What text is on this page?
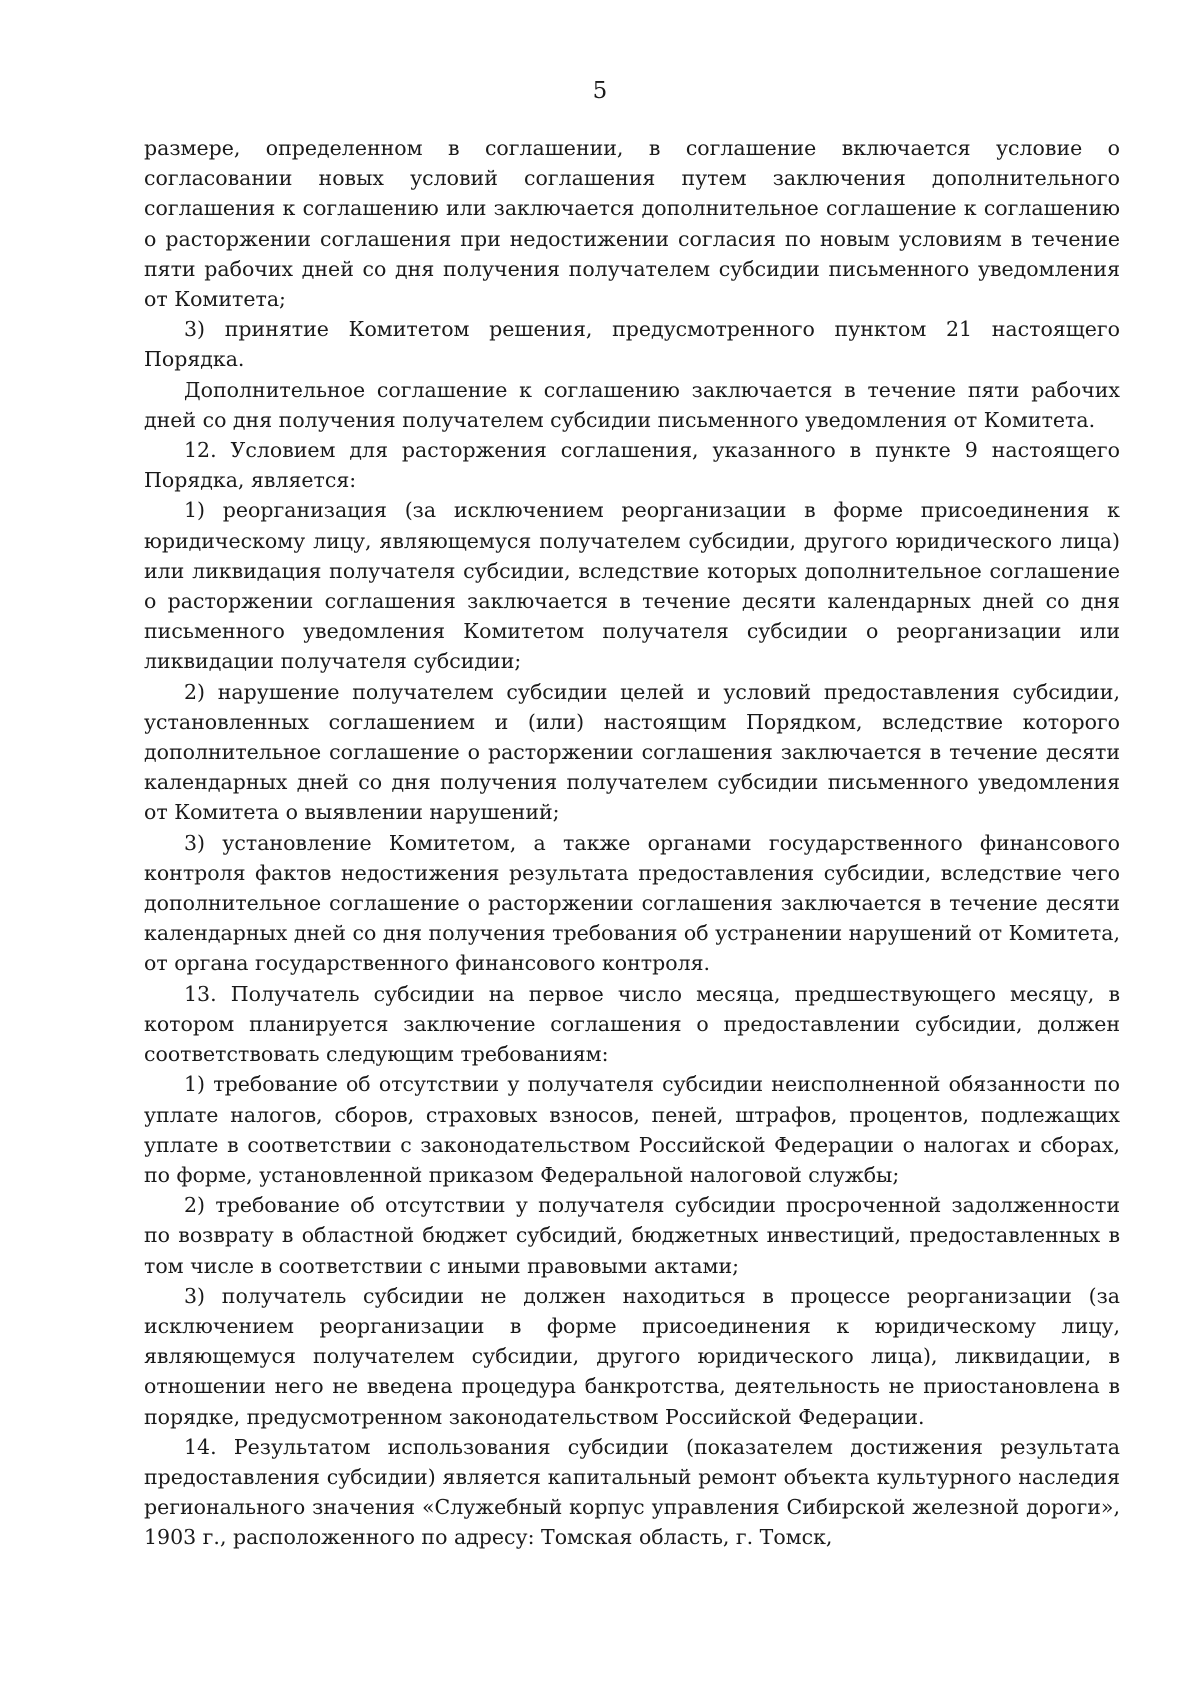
5

размере, определенном в соглашении, в соглашение включается условие о согласовании новых условий соглашения путем заключения дополнительного соглашения к соглашению или заключается дополнительное соглашение к соглашению о расторжении соглашения при недостижении согласия по новым условиям в течение пяти рабочих дней со дня получения получателем субсидии письменного уведомления от Комитета;

3) принятие Комитетом решения, предусмотренного пунктом 21 настоящего Порядка.

Дополнительное соглашение к соглашению заключается в течение пяти рабочих дней со дня получения получателем субсидии письменного уведомления от Комитета.

12. Условием для расторжения соглашения, указанного в пункте 9 настоящего Порядка, является:

1) реорганизация (за исключением реорганизации в форме присоединения к юридическому лицу, являющемуся получателем субсидии, другого юридического лица) или ликвидация получателя субсидии, вследствие которых дополнительное соглашение о расторжении соглашения заключается в течение десяти календарных дней со дня письменного уведомления Комитетом получателя субсидии о реорганизации или ликвидации получателя субсидии;

2) нарушение получателем субсидии целей и условий предоставления субсидии, установленных соглашением и (или) настоящим Порядком, вследствие которого дополнительное соглашение о расторжении соглашения заключается в течение десяти календарных дней со дня получения получателем субсидии письменного уведомления от Комитета о выявлении нарушений;

3) установление Комитетом, а также органами государственного финансового контроля фактов недостижения результата предоставления субсидии, вследствие чего дополнительное соглашение о расторжении соглашения заключается в течение десяти календарных дней со дня получения требования об устранении нарушений от Комитета, от органа государственного финансового контроля.

13. Получатель субсидии на первое число месяца, предшествующего месяцу, в котором планируется заключение соглашения о предоставлении субсидии, должен соответствовать следующим требованиям:

1) требование об отсутствии у получателя субсидии неисполненной обязанности по уплате налогов, сборов, страховых взносов, пеней, штрафов, процентов, подлежащих уплате в соответствии с законодательством Российской Федерации о налогах и сборах, по форме, установленной приказом Федеральной налоговой службы;

2) требование об отсутствии у получателя субсидии просроченной задолженности по возврату в областной бюджет субсидий, бюджетных инвестиций, предоставленных в том числе в соответствии с иными правовыми актами;

3) получатель субсидии не должен находиться в процессе реорганизации (за исключением реорганизации в форме присоединения к юридическому лицу, являющемуся получателем субсидии, другого юридического лица), ликвидации, в отношении него не введена процедура банкротства, деятельность не приостановлена в порядке, предусмотренном законодательством Российской Федерации.

14. Результатом использования субсидии (показателем достижения результата предоставления субсидии) является капитальный ремонт объекта культурного наследия регионального значения «Служебный корпус управления Сибирской железной дороги», 1903 г., расположенного по адресу: Томская область, г. Томск,
